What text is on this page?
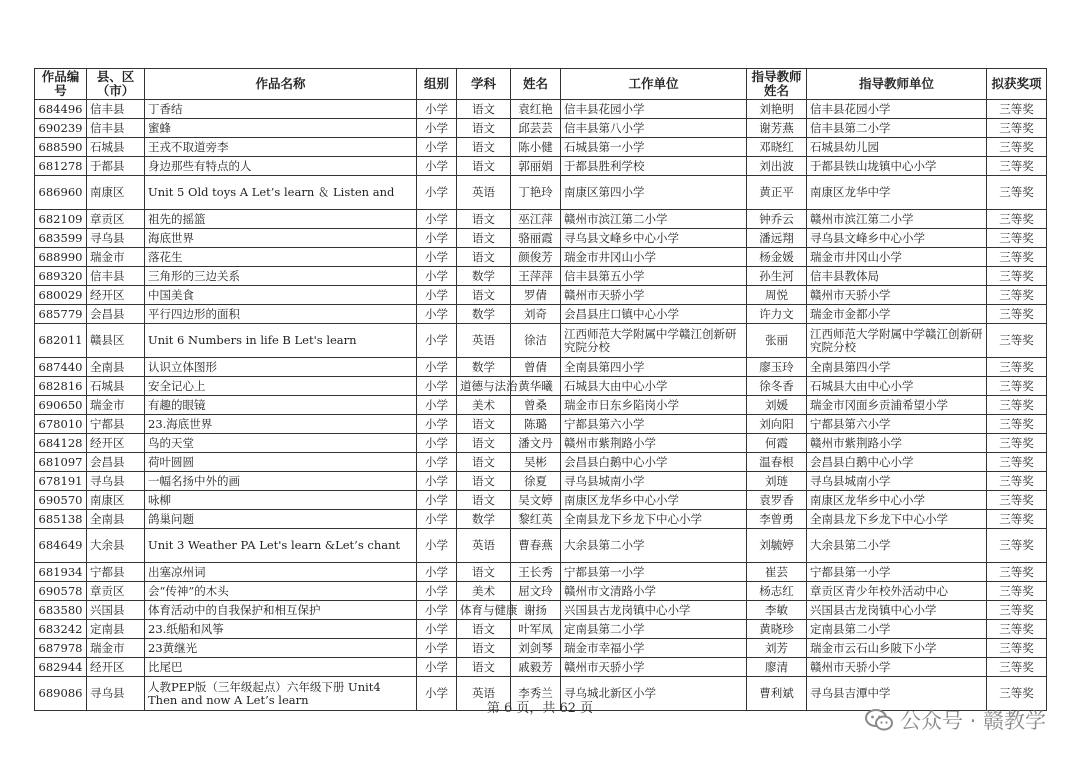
作品编号	县、区（市）	作品名称	组别	学科	姓名	工作单位	指导教师姓名	指导教师单位	拟获奖项
684496	信丰县	丁香结	小学	语文	袁红艳	信丰县花园小学	刘艳明	信丰县花园小学	三等奖
690239	信丰县	蜜蜂	小学	语文	邱芸芸	信丰县第八小学	谢芳燕	信丰县第二小学	三等奖
688590	石城县	王戎不取道旁李	小学	语文	陈小健	石城县第一小学	邓晓红	石城县幼儿园	三等奖
681278	于都县	身边那些有特点的人	小学	语文	郭丽娟	于都县胜利学校	刘出波	于都县铁山垅镇中心小学	三等奖
686960	南康区	Unit 5 Old toys A Let’s learn ＆ Listen and	小学	英语	丁艳玲	南康区第四小学	黄正平	南康区龙华中学	三等奖
682109	章贡区	祖先的摇篮	小学	语文	巫江萍	赣州市滨江第二小学	钟乔云	赣州市滨江第二小学	三等奖
683599	寻乌县	海底世界	小学	语文	骆丽霞	寻乌县文峰乡中心小学	潘远翔	寻乌县文峰乡中心小学	三等奖
688990	瑞金市	落花生	小学	语文	颜俊芳	瑞金市井冈山小学	杨金媛	瑞金市井冈山小学	三等奖
689320	信丰县	三角形的三边关系	小学	数学	王萍萍	信丰县第五小学	孙生河	信丰县教体局	三等奖
680029	经开区	中国美食	小学	语文	罗倩	赣州市天骄小学	周悦	赣州市天骄小学	三等奖
685779	会昌县	平行四边形的面积	小学	数学	刘奇	会昌县庄口镇中心小学	许力文	瑞金市金都小学	三等奖
682011	赣县区	Unit 6 Numbers in life B Let's learn	小学	英语	徐洁	江西师范大学附属中学赣江创新研究院分校	张丽	江西师范大学附属中学赣江创新研究院分校	三等奖
687440	全南县	认识立体图形	小学	数学	曾倩	全南县第四小学	廖玉玲	全南县第四小学	三等奖
682816	石城县	安全记心上	小学	道德与法治	黄华曦	石城县大由中心小学	徐冬香	石城县大由中心小学	三等奖
690650	瑞金市	有趣的眼镜	小学	美术	曾桑	瑞金市日东乡陷岗小学	刘媛	瑞金市冈面乡贡浦希望小学	三等奖
678010	宁都县	23.海底世界	小学	语文	陈璐	宁都县第六小学	刘向阳	宁都县第六小学	三等奖
684128	经开区	鸟的天堂	小学	语文	潘文丹	赣州市紫荆路小学	何霞	赣州市紫荆路小学	三等奖
681097	会昌县	荷叶圆圆	小学	语文	吴彬	会昌县白鹅中心小学	温春根	会昌县白鹅中心小学	三等奖
678191	寻乌县	一幅名扬中外的画	小学	语文	徐夏	寻乌县城南小学	刘琏	寻乌县城南小学	三等奖
690570	南康区	咏柳	小学	语文	吴文婷	南康区龙华乡中心小学	袁罗香	南康区龙华乡中心小学	三等奖
685138	全南县	鸽巢问题	小学	数学	黎红英	全南县龙下乡龙下中心小学	李曾勇	全南县龙下乡龙下中心小学	三等奖
684649	大余县	Unit 3 Weather PA Let's learn &Let’s chant	小学	英语	曹春燕	大余县第二小学	刘毓婷	大余县第二小学	三等奖
681934	宁都县	出塞凉州词	小学	语文	王长秀	宁都县第一小学	崔芸	宁都县第一小学	三等奖
690578	章贡区	会“传神”的木头	小学	美术	屈文玲	赣州市文清路小学	杨志红	章贡区青少年校外活动中心	三等奖
683580	兴国县	体育活动中的自我保护和相互保护	小学	体育与健康	谢扬	兴国县古龙岗镇中心小学	李敏	兴国县古龙岗镇中心小学	三等奖
683242	定南县	23.纸船和风筝	小学	语文	叶军凤	定南县第二小学	黄晓珍	定南县第二小学	三等奖
687978	瑞金市	23黄继光	小学	语文	刘剑琴	瑞金市幸福小学	刘芳	瑞金市云石山乡陂下小学	三等奖
682944	经开区	比尾巴	小学	语文	戚毅芳	赣州市天骄小学	廖清	赣州市天骄小学	三等奖
689086	寻乌县	人教PEP版（三年级起点）六年级下册 Unit4 Then and now A Let’s learn	小学	英语	李秀兰	寻乌城北新区小学	曹利斌	寻乌县吉潭中学	三等奖
第 6 页，共 62 页
公众号 · 赣教学
